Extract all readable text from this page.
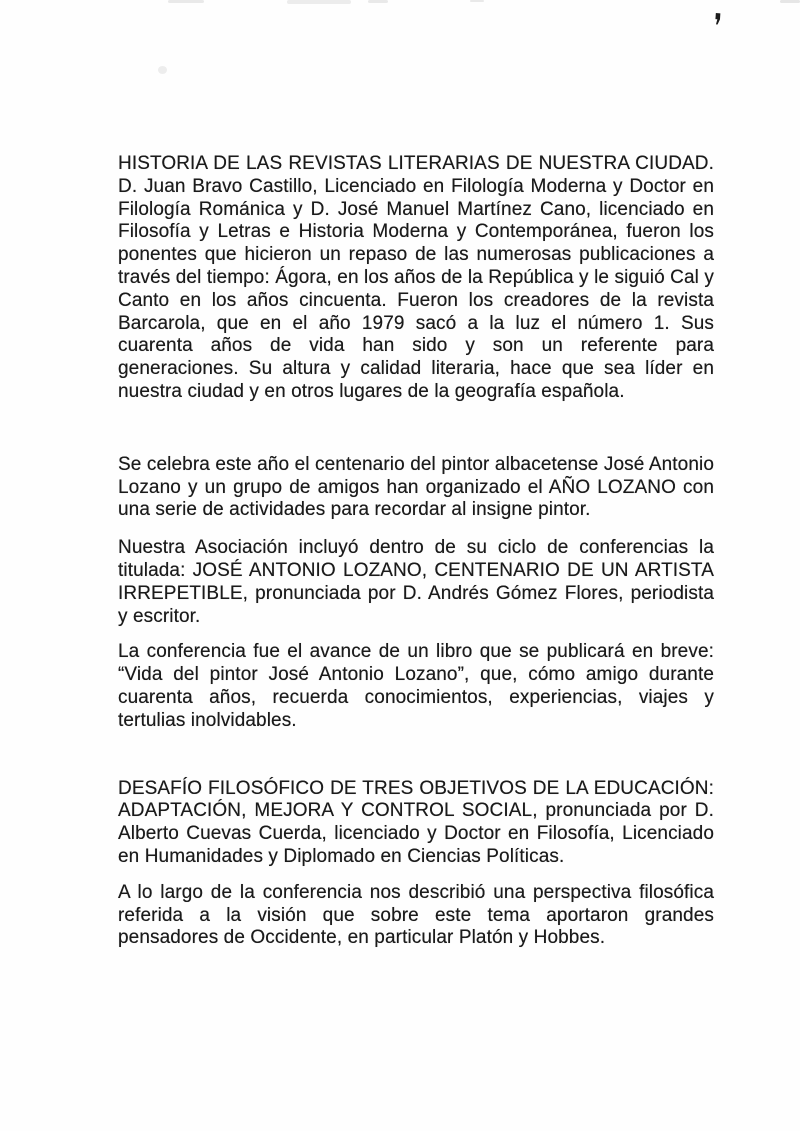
❜

HISTORIA DE LAS REVISTAS LITERARIAS DE NUESTRA CIUDAD. D. Juan Bravo Castillo, Licenciado en Filología Moderna y Doctor en Filología Románica y D. José Manuel Martínez Cano, licenciado en Filosofía y Letras e Historia Moderna y Contemporánea, fueron los ponentes que hicieron un repaso de las numerosas publicaciones a través del tiempo: Ágora, en los años de la República y le siguió Cal y Canto en los años cincuenta. Fueron los creadores de la revista Barcarola, que en el año 1979 sacó a la luz el número 1. Sus cuarenta años de vida han sido y son un referente para generaciones. Su altura y calidad literaria, hace que sea líder en nuestra ciudad y en otros lugares de la geografía española.

Se celebra este año el centenario del pintor albacetense José Antonio Lozano y un grupo de amigos han organizado el AÑO LOZANO con una serie de actividades para recordar al insigne pintor.

Nuestra Asociación incluyó dentro de su ciclo de conferencias la titulada: JOSÉ ANTONIO LOZANO, CENTENARIO DE UN ARTISTA IRREPETIBLE, pronunciada por D. Andrés Gómez Flores, periodista y escritor.

La conferencia fue el avance de un libro que se publicará en breve: “Vida del pintor José Antonio Lozano”, que, cómo amigo durante cuarenta años, recuerda conocimientos, experiencias, viajes y tertulias inolvidables.

DESAFÍO FILOSÓFICO DE TRES OBJETIVOS DE LA EDUCACIÓN: ADAPTACIÓN, MEJORA Y CONTROL SOCIAL, pronunciada por D. Alberto Cuevas Cuerda, licenciado y Doctor en Filosofía, Licenciado en Humanidades y Diplomado en Ciencias Políticas.

A lo largo de la conferencia nos describió una perspectiva filosófica referida a la visión que sobre este tema aportaron grandes pensadores de Occidente, en particular Platón y Hobbes.
